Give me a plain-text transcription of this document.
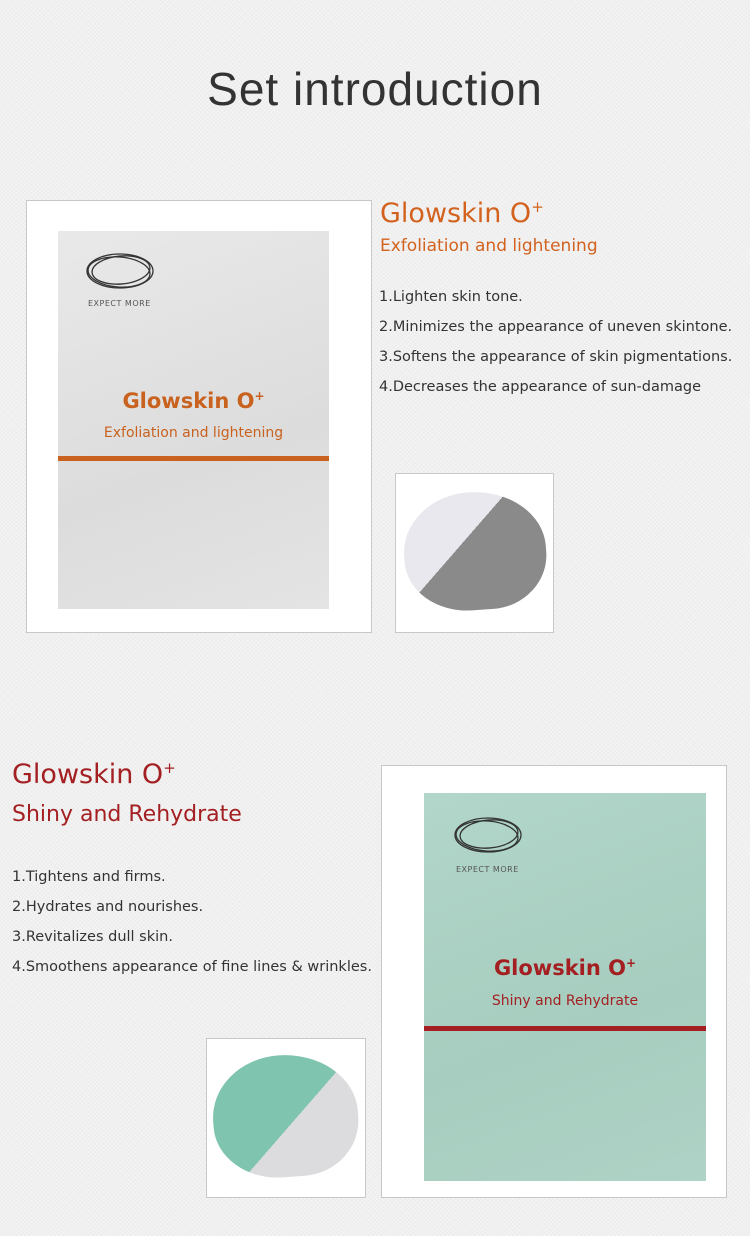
Set introduction
EXPECT MORE
Glowskin O+
Exfoliation and lightening
Glowskin O+
Exfoliation and lightening
1.Lighten skin tone.
2.Minimizes the appearance of uneven skintone.
3.Softens the appearance of skin pigmentations.
4.Decreases the appearance of sun-damage
Glowskin O+
Shiny and Rehydrate
1.Tightens and firms.
2.Hydrates and nourishes.
3.Revitalizes dull skin.
4.Smoothens appearance of fine lines & wrinkles.
EXPECT MORE
Glowskin O+
Shiny and Rehydrate
